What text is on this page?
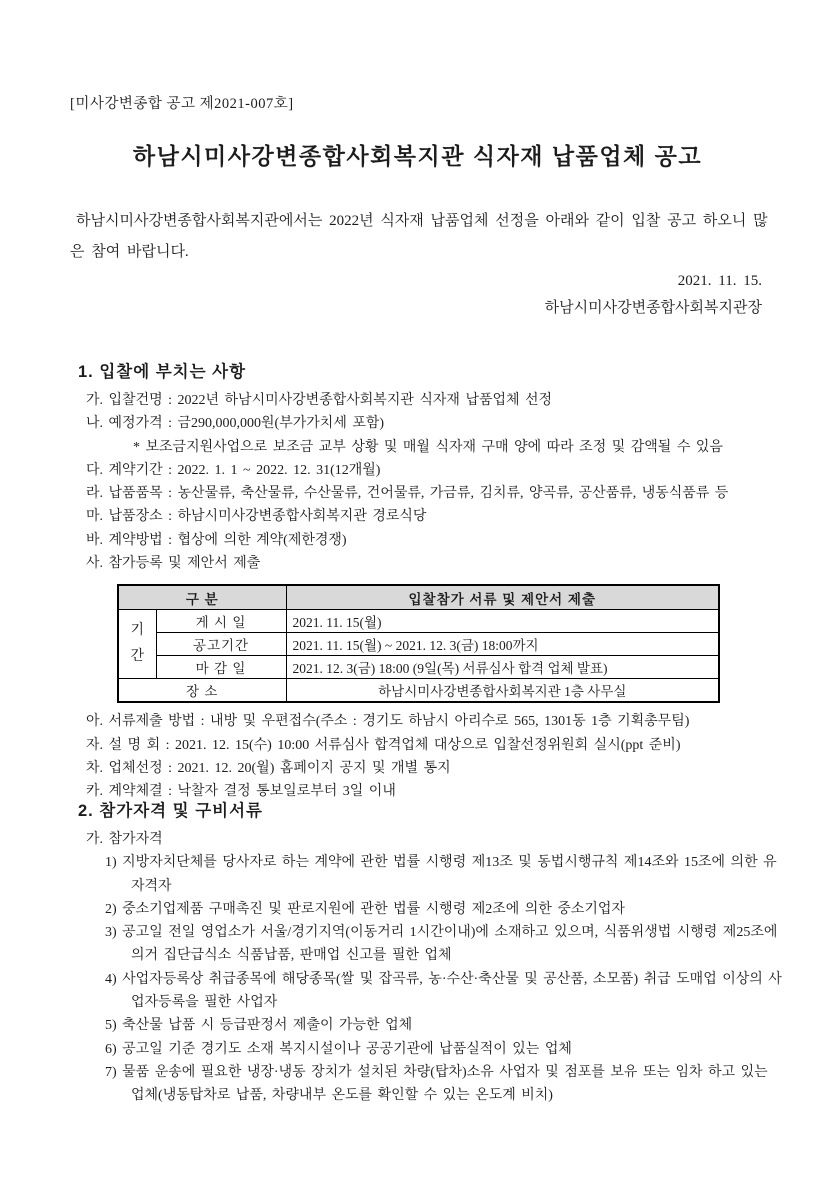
[미사강변종합 공고 제2021-007호]
하남시미사강변종합사회복지관 식자재 납품업체 공고
하남시미사강변종합사회복지관에서는 2022년 식자재 납품업체 선정을 아래와 같이 입찰 공고 하오니 많은 참여 바랍니다.
2021. 11. 15.
하남시미사강변종합사회복지관장
1. 입찰에 부치는 사항
가. 입찰건명 : 2022년 하남시미사강변종합사회복지관 식자재 납품업체 선정
나. 예정가격 : 금290,000,000원(부가가치세 포함)
* 보조금지원사업으로 보조금 교부 상황 및 매월 식자재 구매 양에 따라 조정 및 감액될 수 있음
다. 계약기간 : 2022. 1. 1 ~ 2022. 12. 31(12개월)
라. 납품품목 : 농산물류, 축산물류, 수산물류, 건어물류, 가금류, 김치류, 양곡류, 공산품류, 냉동식품류 등
마. 납품장소 : 하남시미사강변종합사회복지관 경로식당
바. 계약방법 : 협상에 의한 계약(제한경쟁)
사. 참가등록 및 제안서 제출
구 분		입찰참가 서류 및 제안서 제출
기간	게 시 일	2021. 11. 15(월)
	공고기간	2021. 11. 15(월) ~ 2021. 12. 3(금) 18:00까지
	마 감 일	2021. 12. 3(금) 18:00 (9일(목) 서류심사 합격 업체 발표)
장 소		하남시미사강변종합사회복지관 1층 사무실
아. 서류제출 방법 : 내방 및 우편접수(주소 : 경기도 하남시 아리수로 565, 1301동 1층 기획총무팀)
자. 설 명 회 : 2021. 12. 15(수) 10:00 서류심사 합격업체 대상으로 입찰선정위원회 실시(ppt 준비)
차. 업체선정 : 2021. 12. 20(월) 홈페이지 공지 및 개별 통지
카. 계약체결 : 낙찰자 결정 통보일로부터 3일 이내
2. 참가자격 및 구비서류
가. 참가자격
1) 지방자치단체를 당사자로 하는 계약에 관한 법률 시행령 제13조 및 동법시행규칙 제14조와 15조에 의한 유자격자
2) 중소기업제품 구매촉진 및 판로지원에 관한 법률 시행령 제2조에 의한 중소기업자
3) 공고일 전일 영업소가 서울/경기지역(이동거리 1시간이내)에 소재하고 있으며, 식품위생법 시행령 제25조에 의거 집단급식소 식품납품, 판매업 신고를 필한 업체
4) 사업자등록상 취급종목에 해당종목(쌀 및 잡곡류, 농·수산·축산물 및 공산품, 소모품) 취급 도매업 이상의 사업자등록을 필한 사업자
5) 축산물 납품 시 등급판정서 제출이 가능한 업체
6) 공고일 기준 경기도 소재 복지시설이나 공공기관에 납품실적이 있는 업체
7) 물품 운송에 필요한 냉장·냉동 장치가 설치된 차량(탑차)소유 사업자 및 점포를 보유 또는 임차 하고 있는 업체(냉동탑차로 납품, 차량내부 온도를 확인할 수 있는 온도계 비치)
